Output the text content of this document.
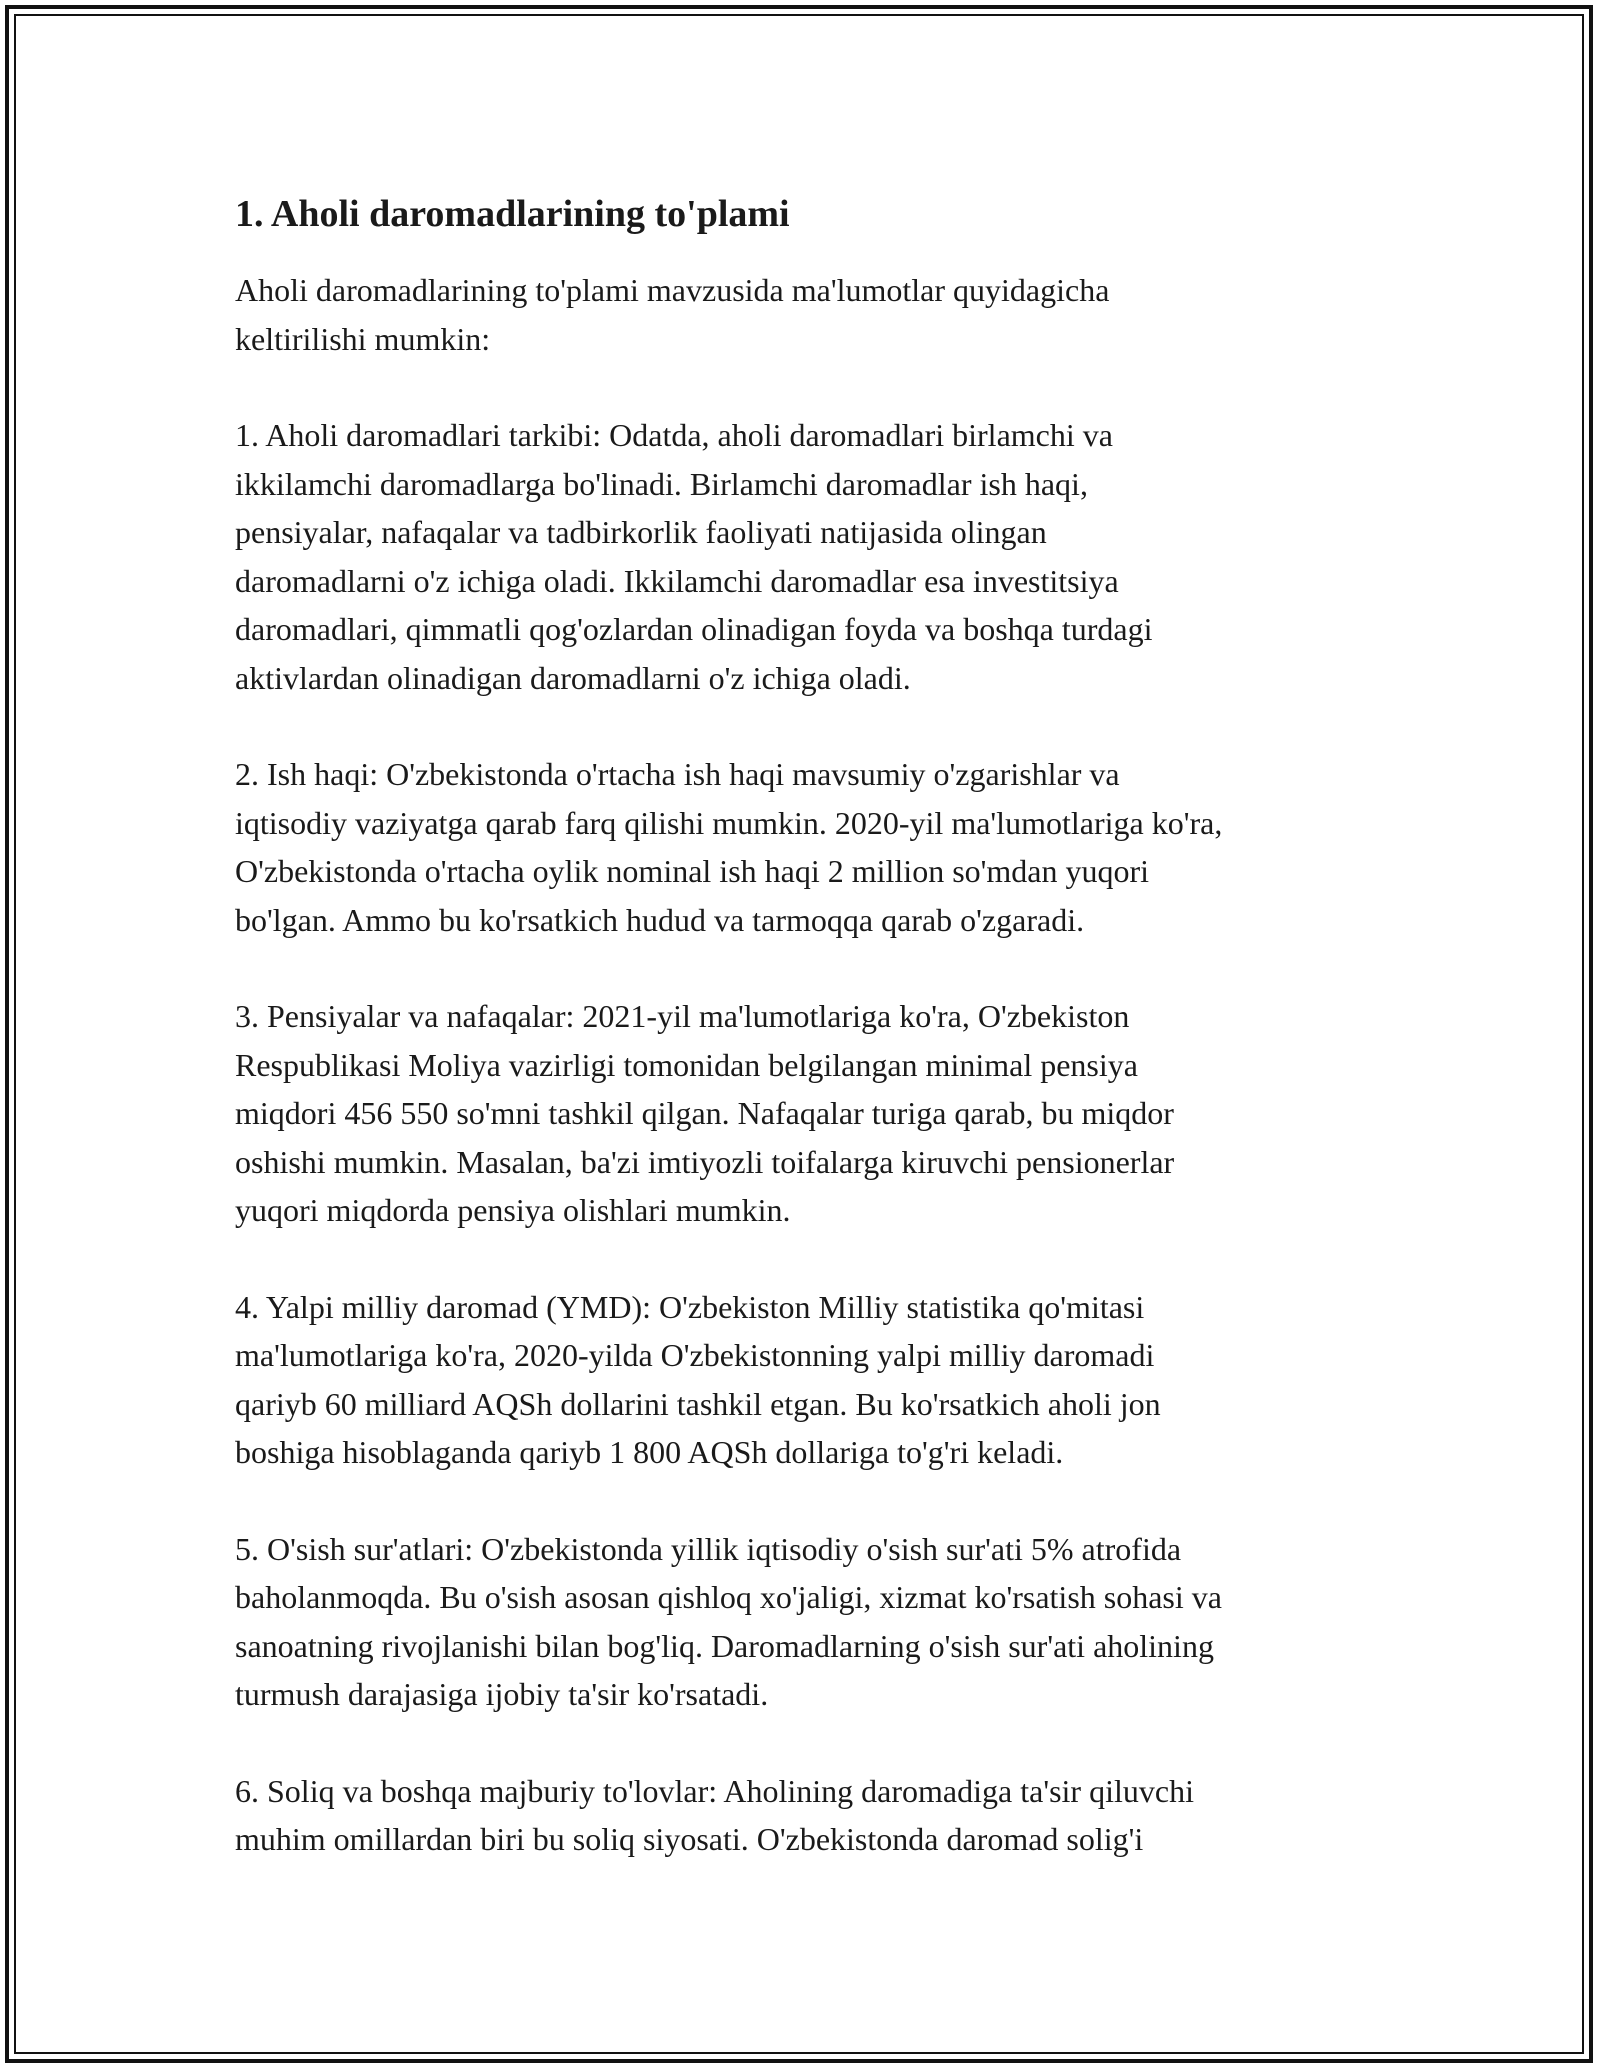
1. Aholi daromadlarining to'plami

Aholi daromadlarining to'plami mavzusida ma'lumotlar quyidagicha
keltirilishi mumkin:

1. Aholi daromadlari tarkibi: Odatda, aholi daromadlari birlamchi va
ikkilamchi daromadlarga bo'linadi. Birlamchi daromadlar ish haqi,
pensiyalar, nafaqalar va tadbirkorlik faoliyati natijasida olingan
daromadlarni o'z ichiga oladi. Ikkilamchi daromadlar esa investitsiya
daromadlari, qimmatli qog'ozlardan olinadigan foyda va boshqa turdagi
aktivlardan olinadigan daromadlarni o'z ichiga oladi.

2. Ish haqi: O'zbekistonda o'rtacha ish haqi mavsumiy o'zgarishlar va
iqtisodiy vaziyatga qarab farq qilishi mumkin. 2020-yil ma'lumotlariga ko'ra,
O'zbekistonda o'rtacha oylik nominal ish haqi 2 million so'mdan yuqori
bo'lgan. Ammo bu ko'rsatkich hudud va tarmoqqa qarab o'zgaradi.

3. Pensiyalar va nafaqalar: 2021-yil ma'lumotlariga ko'ra, O'zbekiston
Respublikasi Moliya vazirligi tomonidan belgilangan minimal pensiya
miqdori 456 550 so'mni tashkil qilgan. Nafaqalar turiga qarab, bu miqdor
oshishi mumkin. Masalan, ba'zi imtiyozli toifalarga kiruvchi pensionerlar
yuqori miqdorda pensiya olishlari mumkin.

4. Yalpi milliy daromad (YMD): O'zbekiston Milliy statistika qo'mitasi
ma'lumotlariga ko'ra, 2020-yilda O'zbekistonning yalpi milliy daromadi
qariyb 60 milliard AQSh dollarini tashkil etgan. Bu ko'rsatkich aholi jon
boshiga hisoblaganda qariyb 1 800 AQSh dollariga to'g'ri keladi.

5. O'sish sur'atlari: O'zbekistonda yillik iqtisodiy o'sish sur'ati 5% atrofida
baholanmoqda. Bu o'sish asosan qishloq xo'jaligi, xizmat ko'rsatish sohasi va
sanoatning rivojlanishi bilan bog'liq. Daromadlarning o'sish sur'ati aholining
turmush darajasiga ijobiy ta'sir ko'rsatadi.

6. Soliq va boshqa majburiy to'lovlar: Aholining daromadiga ta'sir qiluvchi
muhim omillardan biri bu soliq siyosati. O'zbekistonda daromad solig'i
